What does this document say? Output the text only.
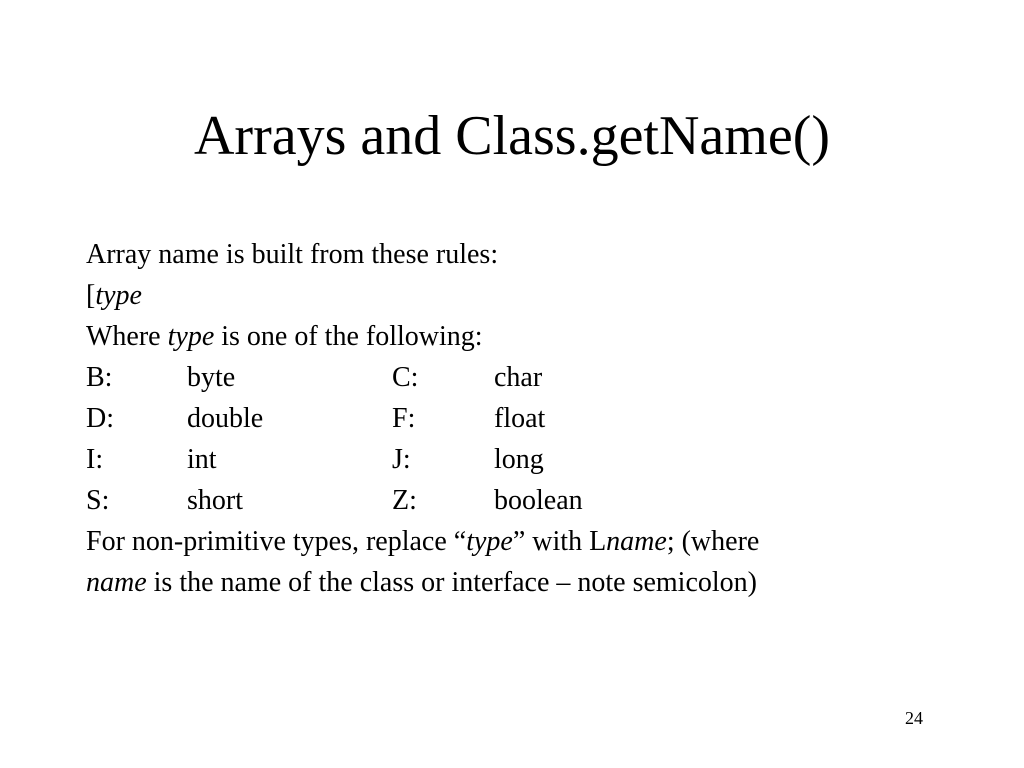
Arrays and Class.getName()
Array name is built from these rules:
[type
Where type is one of the following:
B:	byte	C:	char
D:	double	F:	float
I:	int	J:	long
S:	short	Z:	boolean
For non-primitive types, replace “type” with Lname; (where
name is the name of the class or interface – note semicolon)
24
